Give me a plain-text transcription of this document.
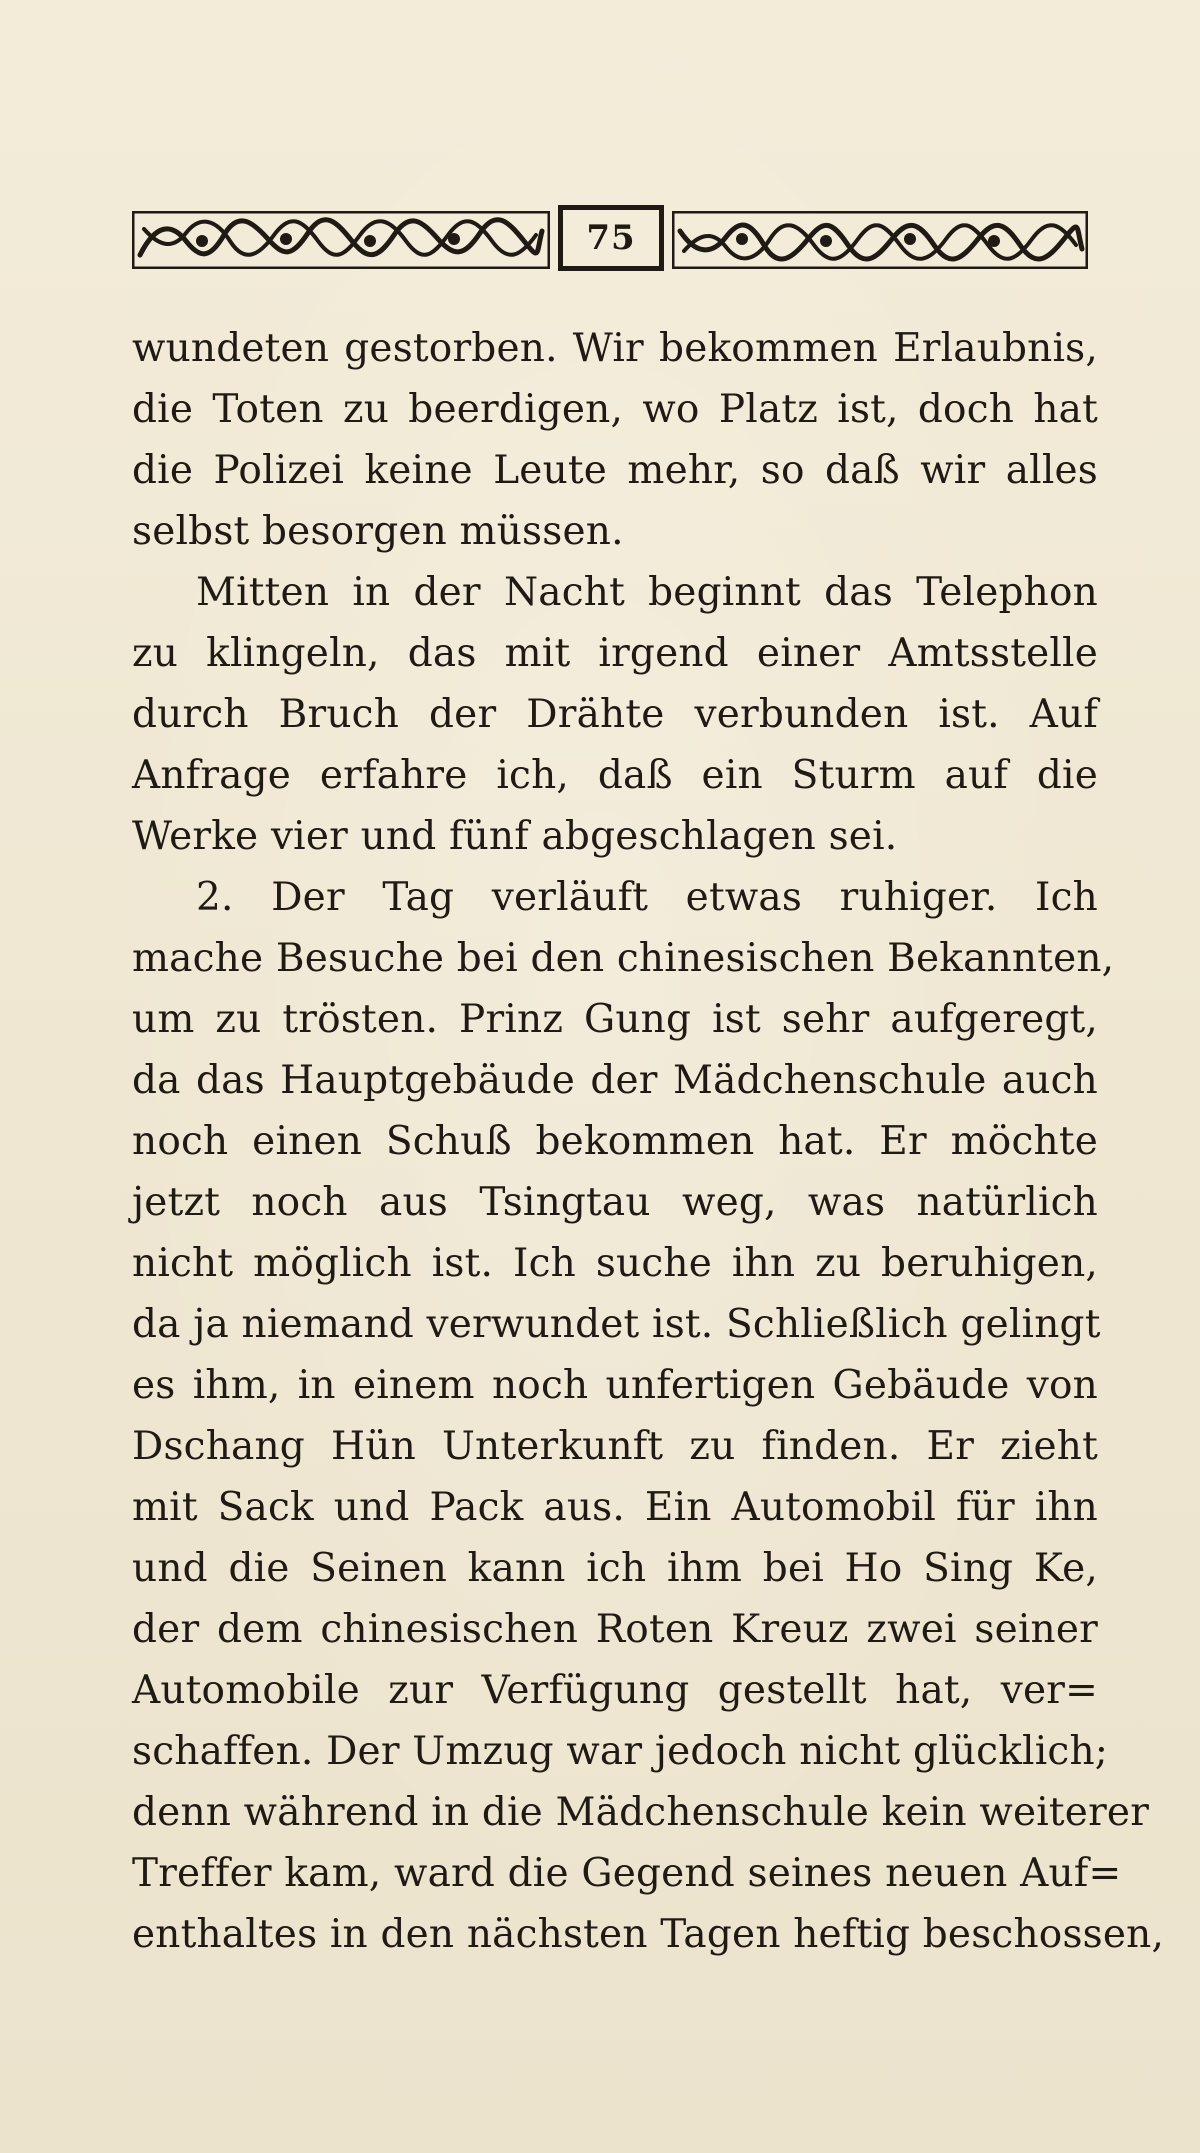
75
wundeten gestorben. Wir bekommen Erlaubnis,
die Toten zu beerdigen, wo Platz ist, doch hat
die Polizei keine Leute mehr, so daß wir alles
selbst besorgen müssen.
Mitten in der Nacht beginnt das Telephon
zu klingeln, das mit irgend einer Amtsstelle
durch Bruch der Drähte verbunden ist. Auf
Anfrage erfahre ich, daß ein Sturm auf die
Werke vier und fünf abgeschlagen sei.
2. Der Tag verläuft etwas ruhiger. Ich
mache Besuche bei den chinesischen Bekannten,
um zu trösten. Prinz Gung ist sehr aufgeregt,
da das Hauptgebäude der Mädchenschule auch
noch einen Schuß bekommen hat. Er möchte
jetzt noch aus Tsingtau weg, was natürlich
nicht möglich ist. Ich suche ihn zu beruhigen,
da ja niemand verwundet ist. Schließlich gelingt
es ihm, in einem noch unfertigen Gebäude von
Dschang Hün Unterkunft zu finden. Er zieht
mit Sack und Pack aus. Ein Automobil für ihn
und die Seinen kann ich ihm bei Ho Sing Ke,
der dem chinesischen Roten Kreuz zwei seiner
Automobile zur Verfügung gestellt hat, ver=
schaffen. Der Umzug war jedoch nicht glücklich;
denn während in die Mädchenschule kein weiterer
Treffer kam, ward die Gegend seines neuen Auf=
enthaltes in den nächsten Tagen heftig beschossen,
